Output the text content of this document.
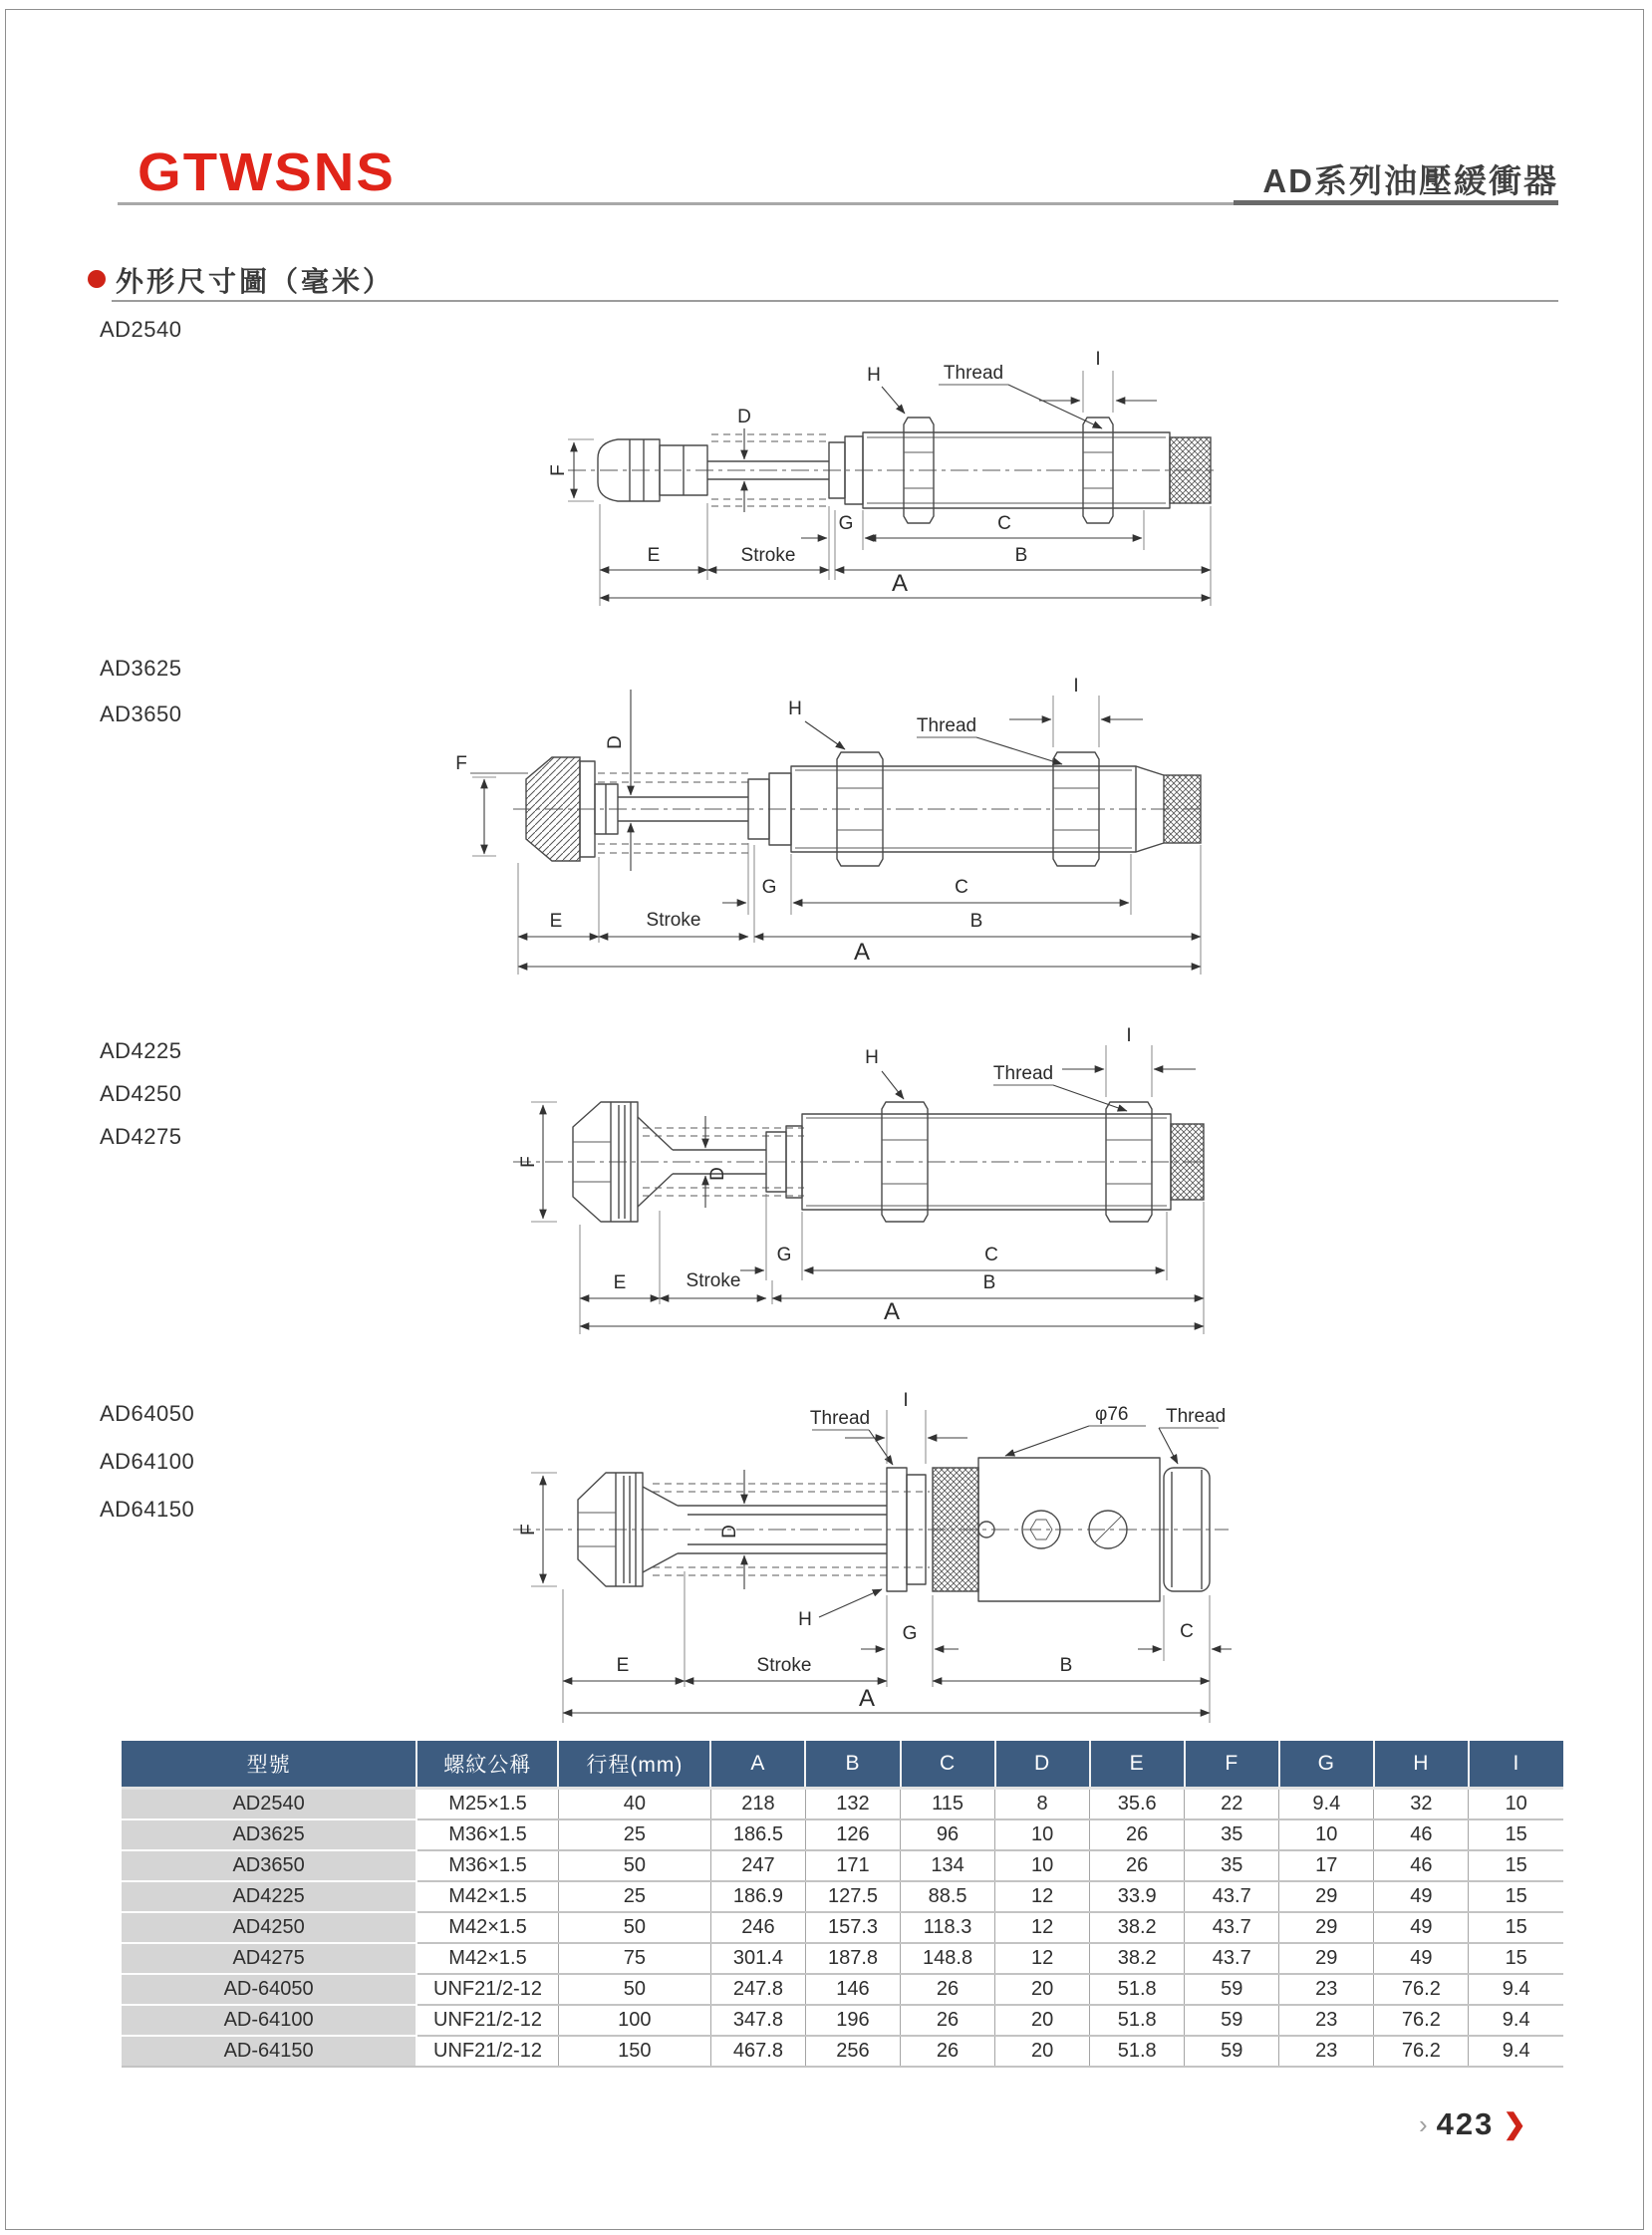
GTWSNS	AD系列油壓緩衝器
外形尺寸圖（毫米）
AD2540
AD3625
AD3650
AD4225
AD4250
AD4275
AD64050
AD64100
AD64150
F
D
H	Thread
I
G	C
E	Stroke	B
A
F
D
H
Thread
I
G	C
E	Stroke	B
A
F
D
H
Thread
I
G	C
E	Stroke	B
A
F	D
Thread
I
H
φ76 Thread
G	C
E	Stroke	B
A
型號	螺紋公稱	行程(mm)	A	B	C	D	E	F	G	H	I
AD2540	M25×1.5	40	218	132	115	8	35.6	22	9.4	32	10
AD3625	M36×1.5	25	186.5	126	96	10	26	35	10	46	15
AD3650	M36×1.5	50	247	171	134	10	26	35	17	46	15
AD4225	M42×1.5	25	186.9	127.5	88.5	12	33.9	43.7	29	49	15
AD4250	M42×1.5	50	246	157.3	118.3	12	38.2	43.7	29	49	15
AD4275	M42×1.5	75	301.4	187.8	148.8	12	38.2	43.7	29	49	15
AD-64050	UNF21/2-12	50	247.8	146	26	20	51.8	59	23	76.2	9.4
AD-64100	UNF21/2-12	100	347.8	196	26	20	51.8	59	23	76.2	9.4
AD-64150	UNF21/2-12	150	467.8	256	26	20	51.8	59	23	76.2	9.4
› 423 ❯
